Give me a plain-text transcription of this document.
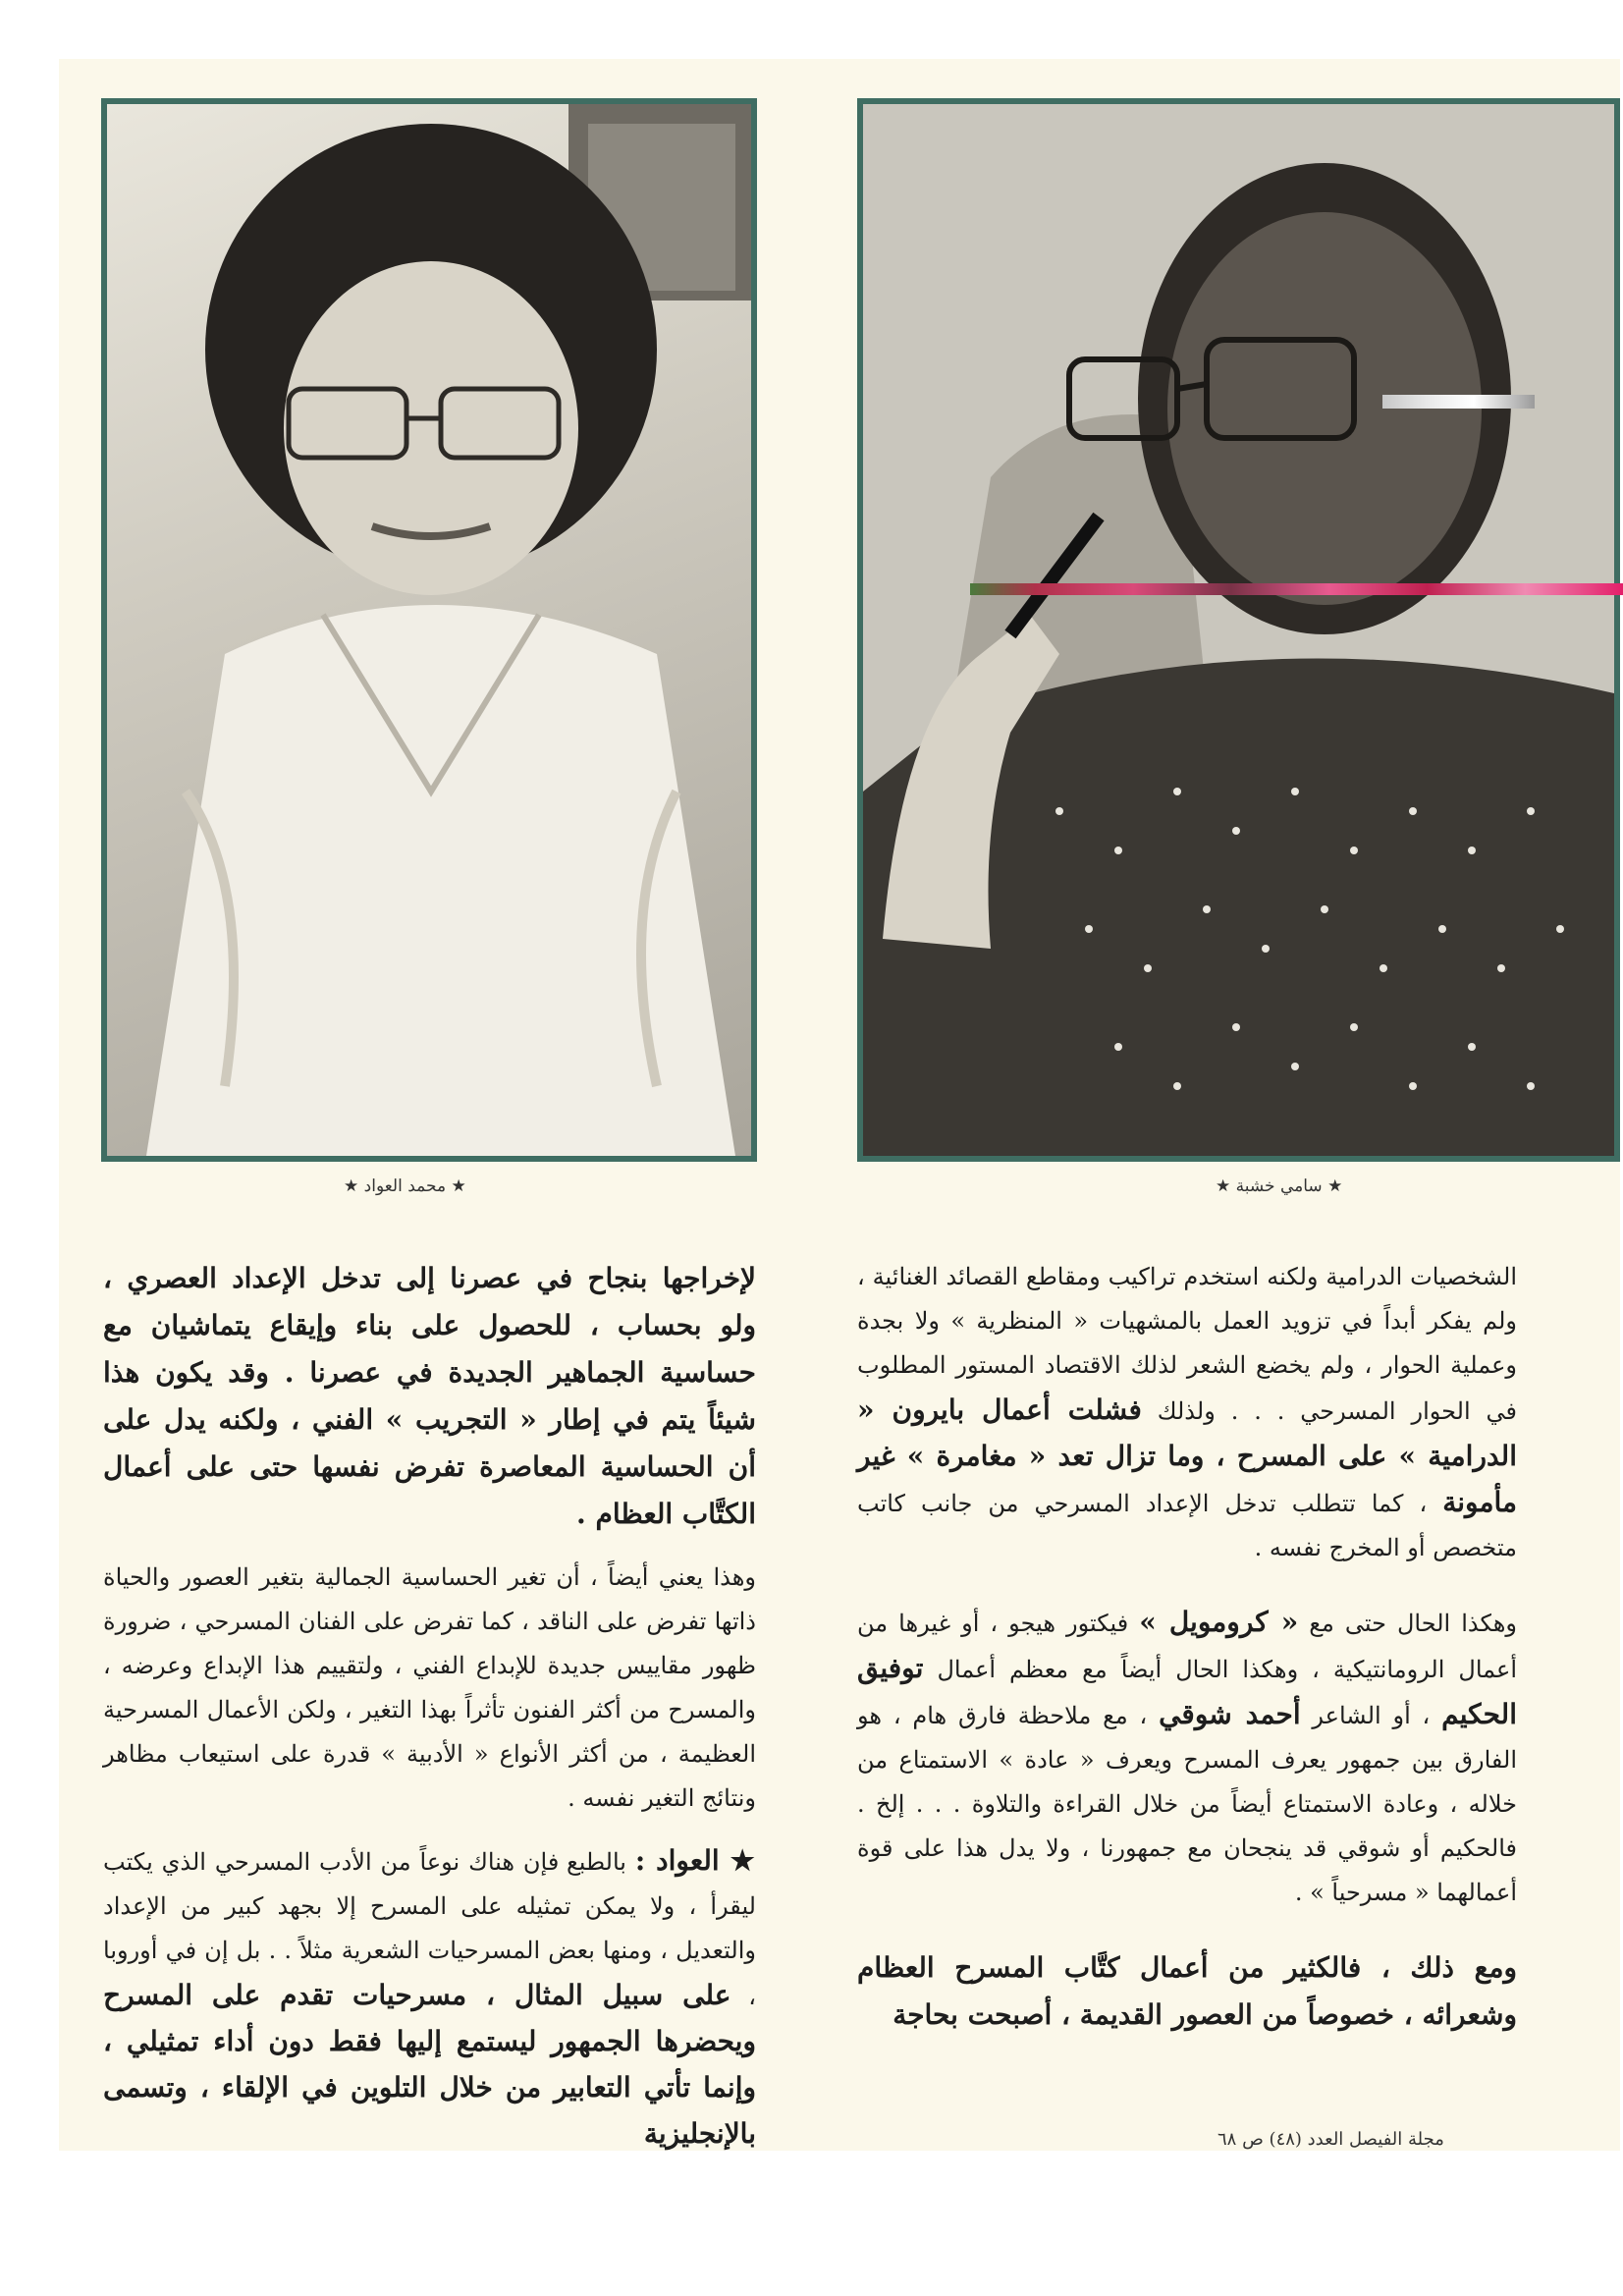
★ محمد العواد ★	★ سامي خشبة ★

الشخصيات الدرامية ولكنه استخدم تراكيب ومقاطع القصائد الغنائية ، ولم يفكر أبداً في تزويد العمل بالمشهيات « المنظرية » ولا بجدة وعملية الحوار ، ولم يخضع الشعر لذلك الاقتصاد المستور المطلوب في الحوار المسرحي . . . ولذلك فشلت أعمال بايرون « الدرامية » على المسرح ، وما تزال تعد « مغامرة » غير مأمونة ، كما تتطلب تدخل الإعداد المسرحي من جانب كاتب متخصص أو المخرج نفسه .

وهكذا الحال حتى مع « كرومويل » فيكتور هيجو ، أو غيرها من أعمال الرومانتيكية ، وهكذا الحال أيضاً مع معظم أعمال توفيق الحكيم ، أو الشاعر أحمد شوقي ، مع ملاحظة فارق هام ، هو الفارق بين جمهور يعرف المسرح ويعرف « عادة » الاستمتاع من خلاله ، وعادة الاستمتاع أيضاً من خلال القراءة والتلاوة . . . إلخ . فالحكيم أو شوقي قد ينجحان مع جمهورنا ، ولا يدل هذا على قوة أعمالهما « مسرحياً » .

ومع ذلك ، فالكثير من أعمال كتَّاب المسرح العظام وشعرائه ، خصوصاً من العصور القديمة ، أصبحت بحاجة

لإخراجها بنجاح في عصرنا إلى تدخل الإعداد العصري ، ولو بحساب ، للحصول على بناء وإيقاع يتماشيان مع حساسية الجماهير الجديدة في عصرنا . وقد يكون هذا شيئاً يتم في إطار « التجريب » الفني ، ولكنه يدل على أن الحساسية المعاصرة تفرض نفسها حتى على أعمال الكتَّاب العظام .

وهذا يعني أيضاً ، أن تغير الحساسية الجمالية بتغير العصور والحياة ذاتها تفرض على الناقد ، كما تفرض على الفنان المسرحي ، ضرورة ظهور مقاييس جديدة للإبداع الفني ، ولتقييم هذا الإبداع وعرضه ، والمسرح من أكثر الفنون تأثراً بهذا التغير ، ولكن الأعمال المسرحية العظيمة ، من أكثر الأنواع « الأدبية » قدرة على استيعاب مظاهر ونتائج التغير نفسه .

★ العواد : بالطبع فإن هناك نوعاً من الأدب المسرحي الذي يكتب ليقرأ ، ولا يمكن تمثيله على المسرح إلا بجهد كبير من الإعداد والتعديل ، ومنها بعض المسرحيات الشعرية مثلاً . . بل إن في أوروبا ، على سبيل المثال ، مسرحيات تقدم على المسرح ويحضرها الجمهور ليستمع إليها فقط دون أداء تمثيلي ، وإنما تأتي التعابير من خلال التلوين في الإلقاء ، وتسمى بالإنجليزية	مجلة الفيصل العدد (٤٨) ص ٦٨
